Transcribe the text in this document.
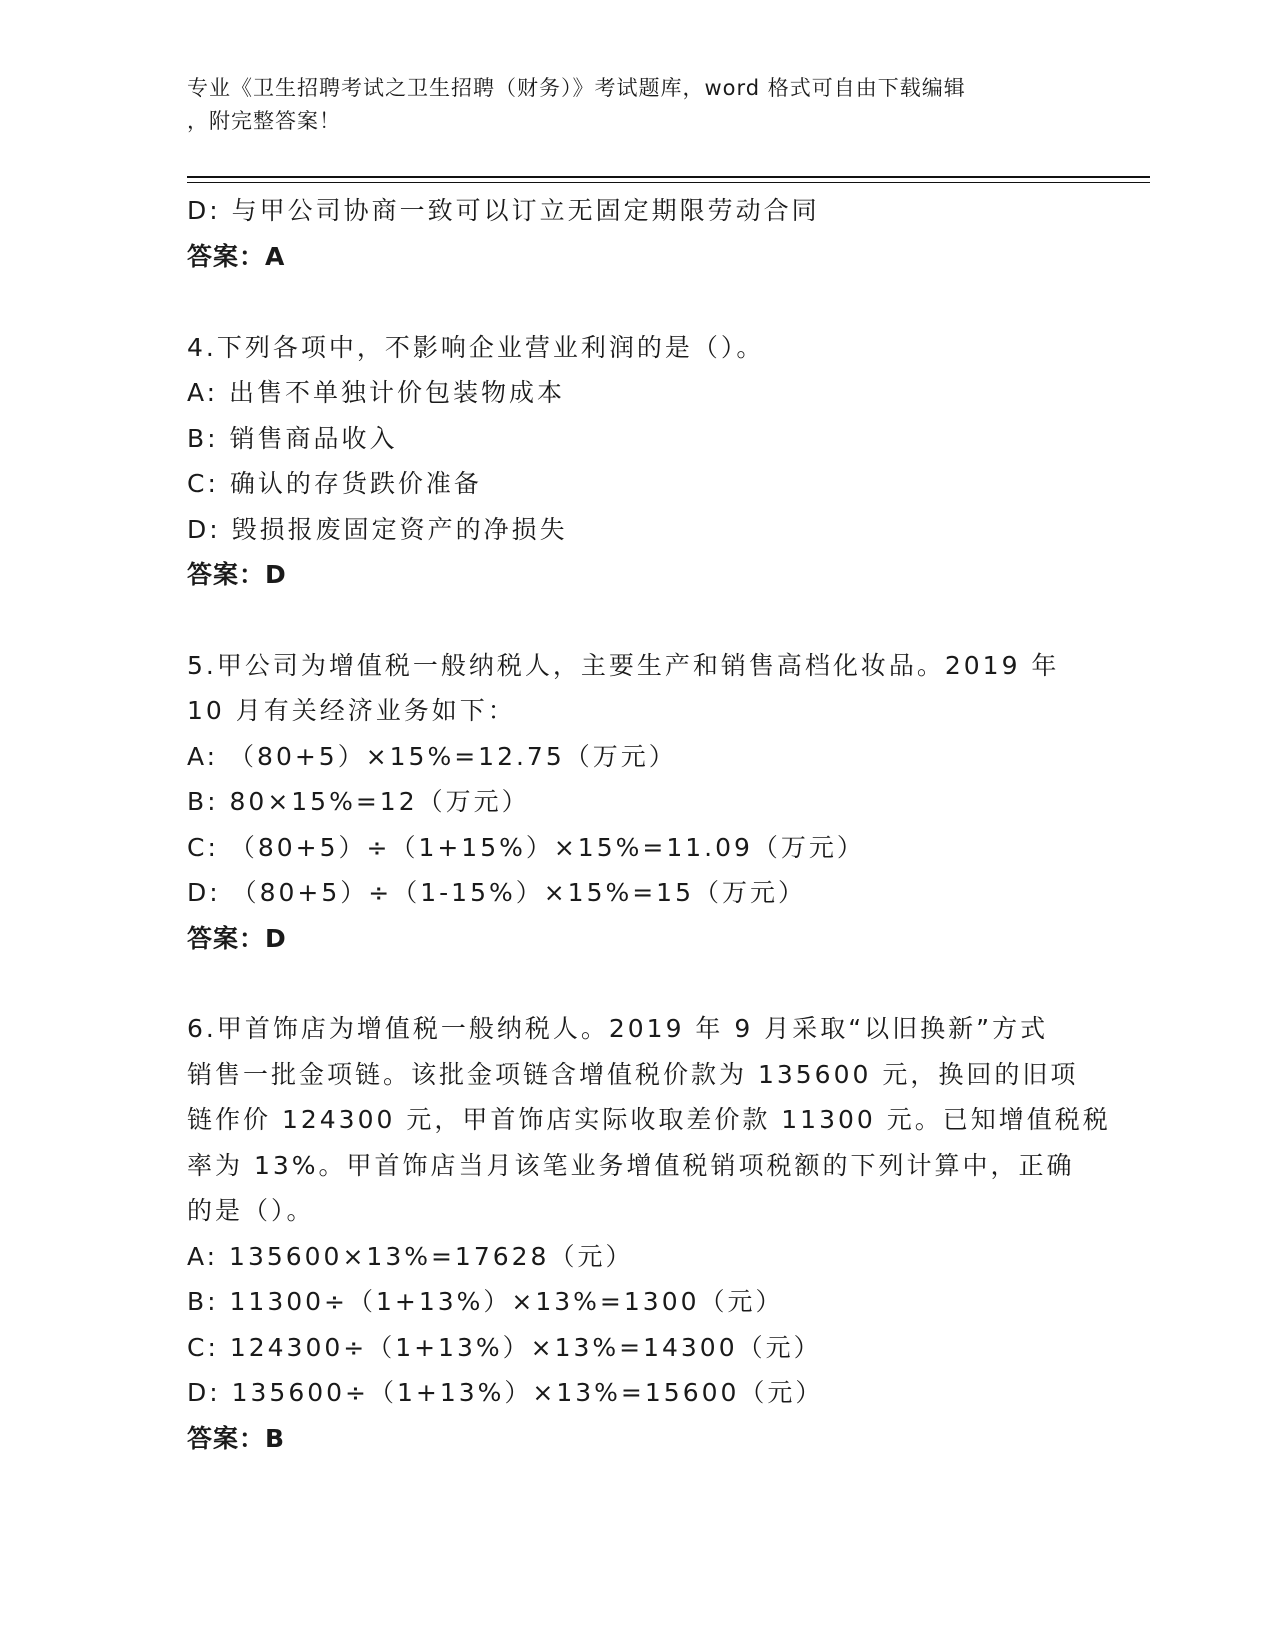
专业《卫生招聘考试之卫生招聘（财务）》考试题库，word 格式可自由下载编辑
，附完整答案！
D: 与甲公司协商一致可以订立无固定期限劳动合同
答案：A
4.下列各项中，不影响企业营业利润的是（）。
A: 出售不单独计价包装物成本
B: 销售商品收入
C: 确认的存货跌价准备
D: 毁损报废固定资产的净损失
答案：D
5.甲公司为增值税一般纳税人，主要生产和销售高档化妆品。2019 年
10 月有关经济业务如下：
A: （80+5）×15%=12.75（万元）
B: 80×15%=12（万元）
C: （80+5）÷（1+15%）×15%=11.09（万元）
D: （80+5）÷（1-15%）×15%=15（万元）
答案：D
6.甲首饰店为增值税一般纳税人。2019 年 9 月采取“以旧换新”方式
销售一批金项链。该批金项链含增值税价款为 135600 元，换回的旧项
链作价 124300 元，甲首饰店实际收取差价款 11300 元。已知增值税税
率为 13%。甲首饰店当月该笔业务增值税销项税额的下列计算中，正确
的是（）。
A: 135600×13%=17628（元）
B: 11300÷（1+13%）×13%=1300（元）
C: 124300÷（1+13%）×13%=14300（元）
D: 135600÷（1+13%）×13%=15600（元）
答案：B
